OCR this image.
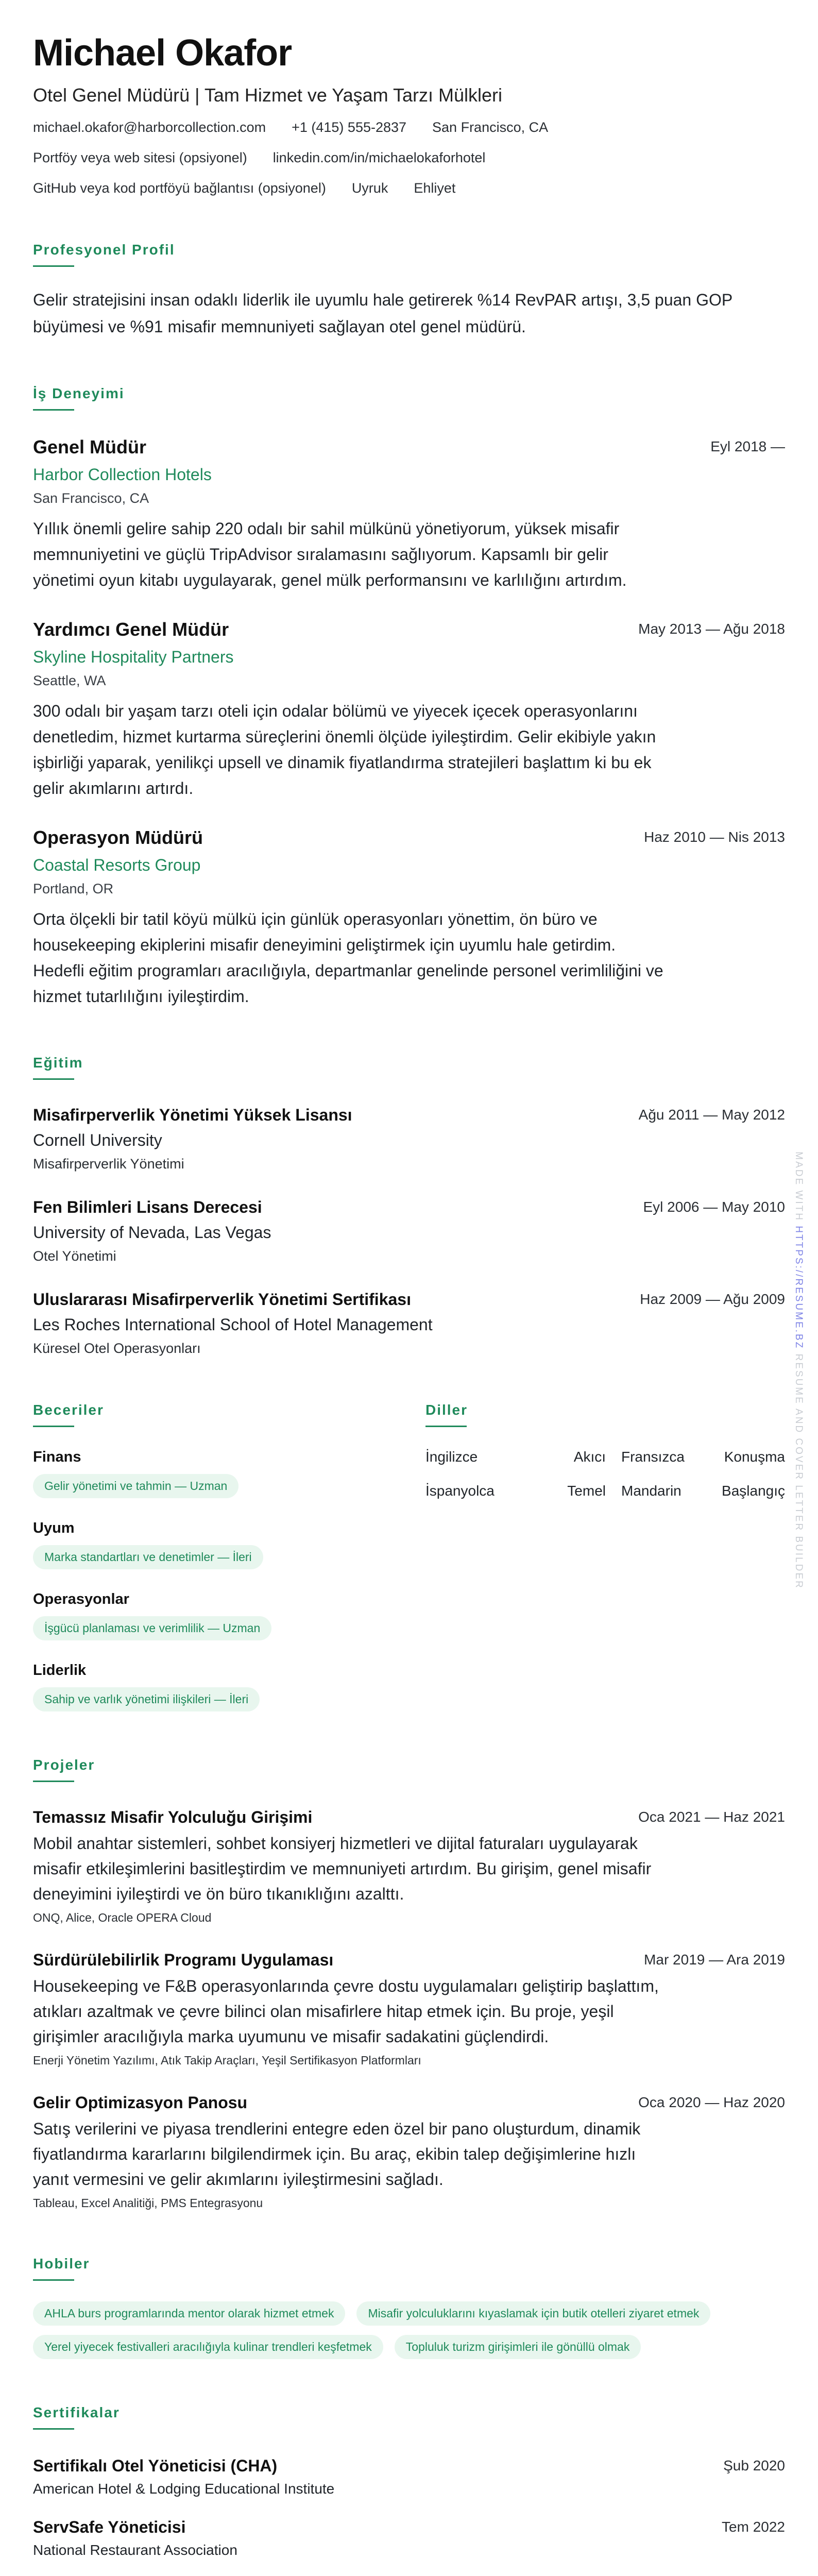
Michael Okafor
Otel Genel Müdürü | Tam Hizmet ve Yaşam Tarzı Mülkleri
michael.okafor@harborcollection.com +1 (415) 555-2837 San Francisco, CA
Portföy veya web sitesi (opsiyonel) linkedin.com/in/michaelokaforhotel
GitHub veya kod portföyü bağlantısı (opsiyonel) Uyruk Ehliyet
Profesyonel Profil
Gelir stratejisini insan odaklı liderlik ile uyumlu hale getirerek %14 RevPAR artışı, 3,5 puan GOP büyümesi ve %91 misafir memnuniyeti sağlayan otel genel müdürü.
İş Deneyimi
Genel Müdür	Eyl 2018 —
Harbor Collection Hotels
San Francisco, CA
Yıllık önemli gelire sahip 220 odalı bir sahil mülkünü yönetiyorum, yüksek misafir memnuniyetini ve güçlü TripAdvisor sıralamasını sağlıyorum. Kapsamlı bir gelir yönetimi oyun kitabı uygulayarak, genel mülk performansını ve karlılığını artırdım.
Yardımcı Genel Müdür	May 2013 — Ağu 2018
Skyline Hospitality Partners
Seattle, WA
300 odalı bir yaşam tarzı oteli için odalar bölümü ve yiyecek içecek operasyonlarını denetledim, hizmet kurtarma süreçlerini önemli ölçüde iyileştirdim. Gelir ekibiyle yakın işbirliği yaparak, yenilikçi upsell ve dinamik fiyatlandırma stratejileri başlattım ki bu ek gelir akımlarını artırdı.
Operasyon Müdürü	Haz 2010 — Nis 2013
Coastal Resorts Group
Portland, OR
Orta ölçekli bir tatil köyü mülkü için günlük operasyonları yönettim, ön büro ve housekeeping ekiplerini misafir deneyimini geliştirmek için uyumlu hale getirdim. Hedefli eğitim programları aracılığıyla, departmanlar genelinde personel verimliliğini ve hizmet tutarlılığını iyileştirdim.
Eğitim
Misafirperverlik Yönetimi Yüksek Lisansı	Ağu 2011 — May 2012
Cornell University
Misafirperverlik Yönetimi
Fen Bilimleri Lisans Derecesi	Eyl 2006 — May 2010
University of Nevada, Las Vegas
Otel Yönetimi
Uluslararası Misafirperverlik Yönetimi Sertifikası	Haz 2009 — Ağu 2009
Les Roches International School of Hotel Management
Küresel Otel Operasyonları
Beceriler
Finans
Gelir yönetimi ve tahmin — Uzman
Uyum
Marka standartları ve denetimler — İleri
Operasyonlar
İşgücü planlaması ve verimlilik — Uzman
Liderlik
Sahip ve varlık yönetimi ilişkileri — İleri
Diller
İngilizce	Akıcı	Fransızca	Konuşma
İspanyolca	Temel	Mandarin	Başlangıç
Projeler
Temassız Misafir Yolculuğu Girişimi	Oca 2021 — Haz 2021
Mobil anahtar sistemleri, sohbet konsiyerj hizmetleri ve dijital faturaları uygulayarak misafir etkileşimlerini basitleştirdim ve memnuniyeti artırdım. Bu girişim, genel misafir deneyimini iyileştirdi ve ön büro tıkanıklığını azalttı.
ONQ, Alice, Oracle OPERA Cloud
Sürdürülebilirlik Programı Uygulaması	Mar 2019 — Ara 2019
Housekeeping ve F&B operasyonlarında çevre dostu uygulamaları geliştirip başlattım, atıkları azaltmak ve çevre bilinci olan misafirlere hitap etmek için. Bu proje, yeşil girişimler aracılığıyla marka uyumunu ve misafir sadakatini güçlendirdi.
Enerji Yönetim Yazılımı, Atık Takip Araçları, Yeşil Sertifikasyon Platformları
Gelir Optimizasyon Panosu	Oca 2020 — Haz 2020
Satış verilerini ve piyasa trendlerini entegre eden özel bir pano oluşturdum, dinamik fiyatlandırma kararlarını bilgilendirmek için. Bu araç, ekibin talep değişimlerine hızlı yanıt vermesini ve gelir akımlarını iyileştirmesini sağladı.
Tableau, Excel Analitiği, PMS Entegrasyonu
Hobiler
AHLA burs programlarında mentor olarak hizmet etmek	Misafir yolculuklarını kıyaslamak için butik otelleri ziyaret etmek
Yerel yiyecek festivalleri aracılığıyla kulinar trendleri keşfetmek	Topluluk turizm girişimleri ile gönüllü olmak
Sertifikalar
Sertifikalı Otel Yöneticisi (CHA)	Şub 2020
American Hotel & Lodging Educational Institute
ServSafe Yöneticisi	Tem 2022
National Restaurant Association
MADE WITH HTTPS://RESUME.BZ RESUME AND COVER LETTER BUILDER
